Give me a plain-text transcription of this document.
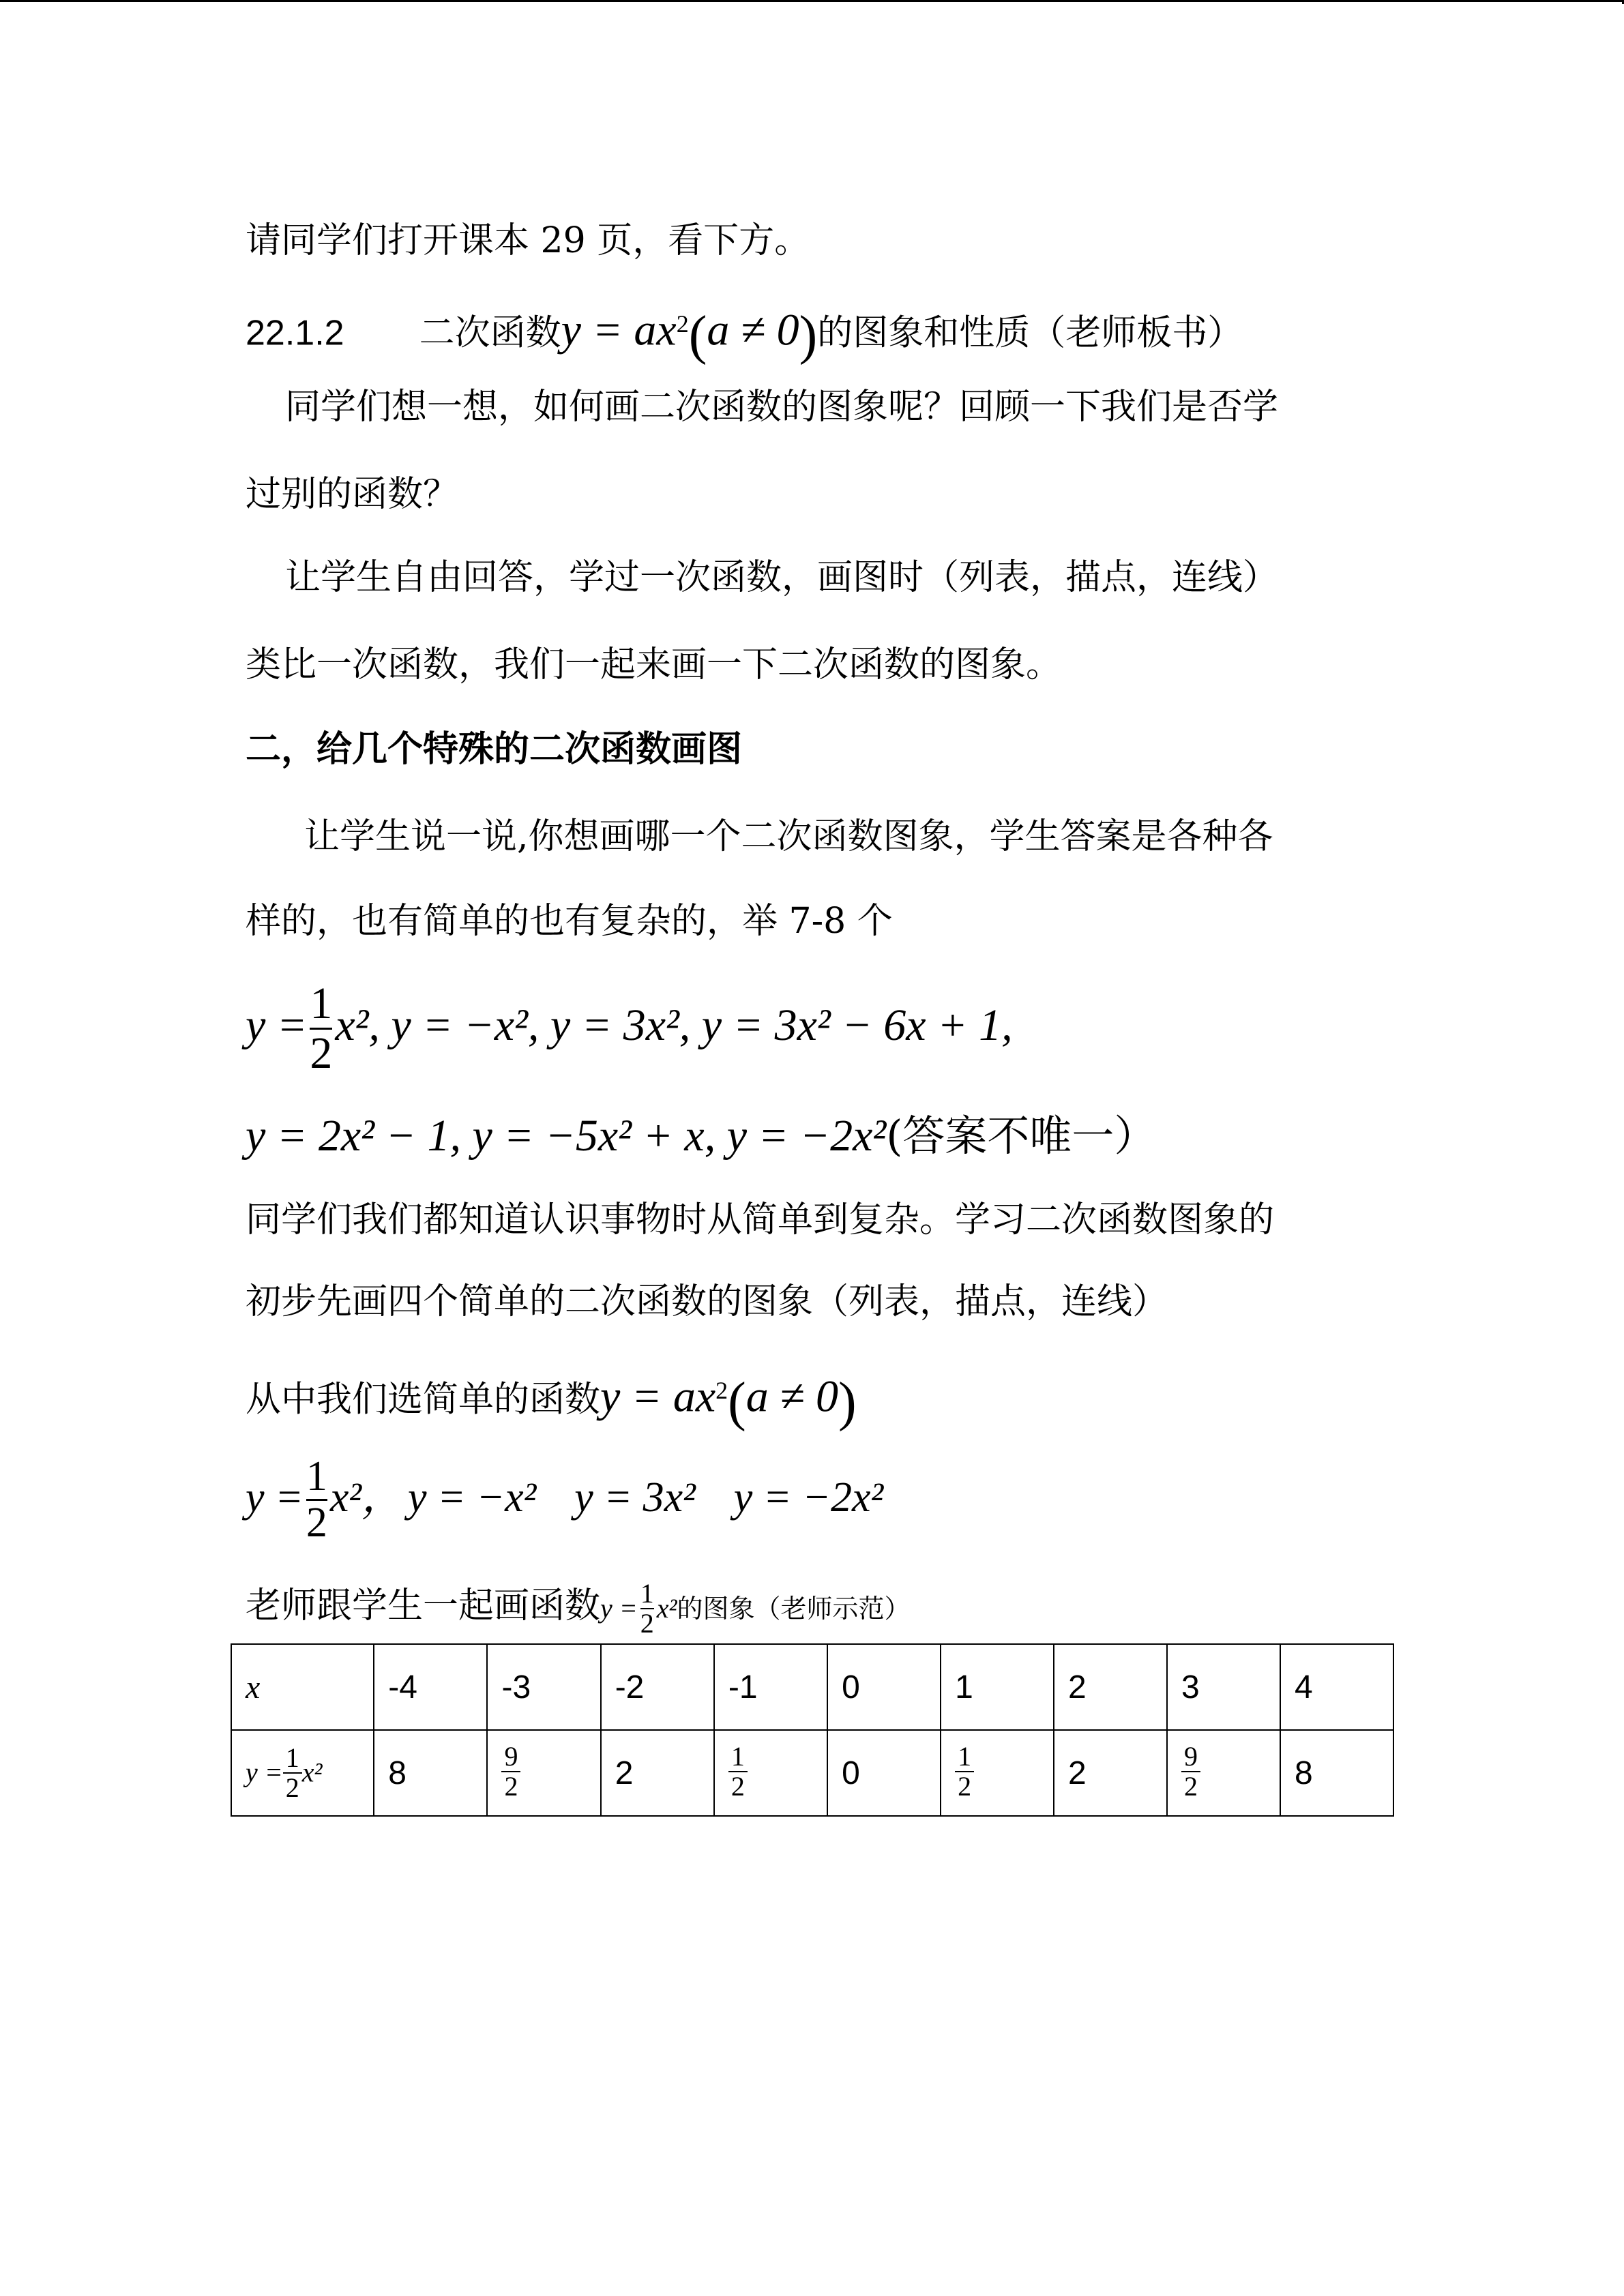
请同学们打开课本 29 页，看下方。
22.1.2 二次函数$y = ax^2(a \ne 0)$的图象和性质（老师板书）
同学们想一想，如何画二次函数的图象呢？回顾一下我们是否学
过别的函数？
让学生自由回答，学过一次函数，画图时（列表，描点，连线）
类比一次函数，我们一起来画一下二次函数的图象。
二，给几个特殊的二次函数画图
让学生说一说,你想画哪一个二次函数图象，学生答案是各种各
样的，也有简单的也有复杂的，举 7-8 个
$y = \frac{1}{2} x^2$, y = −x², y = 3x², y = 3x² − 6x + 1,
y = 2x² − 1, y = −5x² + x, y = −2x²(答案不唯一）
同学们我们都知道认识事物时从简单到复杂。学习二次函数图象的
初步先画四个简单的二次函数的图象（列表，描点，连线）
从中我们选简单的函数$y = ax^2(a \ne 0)$
$y = \frac{1}{2} x^2$，y = −x² y = 3x² y = −2x²
老师跟学生一起画函数$y = \frac{1}{2} x^2$的图象（老师示范）
x	-4	-3	-2	-1	0	1	2	3	4
$y = \frac{1}{2} x^2$	8	$\frac{9}{2}$	2	$\frac{1}{2}$	0	$\frac{1}{2}$	2	$\frac{9}{2}$	8
